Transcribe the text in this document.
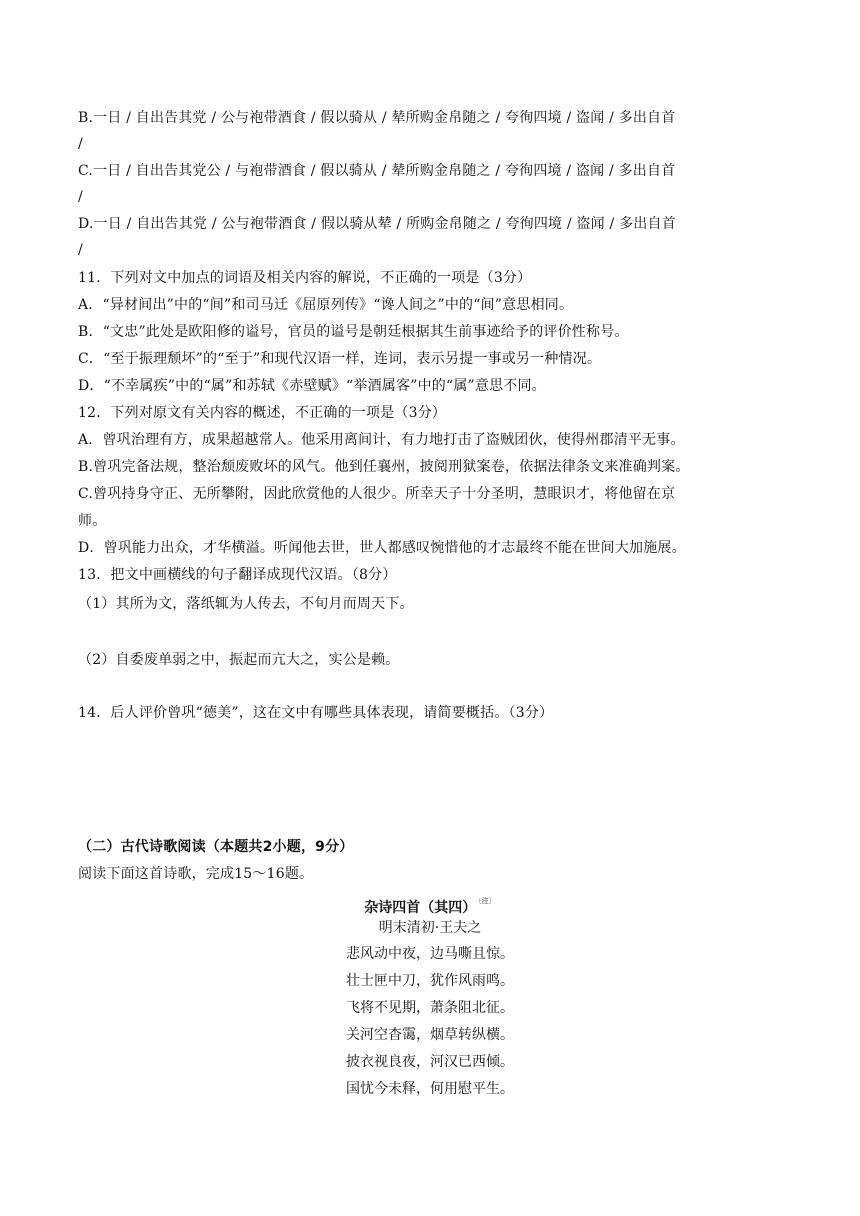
B.一日 / 自出告其党 / 公与袍带酒食 / 假以骑从 / 辇所购金帛随之 / 夸徇四境 / 盗闻 / 多出自首
/
C.一日 / 自出告其党公 / 与袍带酒食 / 假以骑从 / 辇所购金帛随之 / 夸徇四境 / 盗闻 / 多出自首
/
D.一日 / 自出告其党 / 公与袍带酒食 / 假以骑从辇 / 所购金帛随之 / 夸徇四境 / 盗闻 / 多出自首
/
11．下列对文中加点的词语及相关内容的解说，不正确的一项是（3分）
A．“异材间出”中的“间”和司马迁《屈原列传》“谗人间之”中的“间”意思相同。
B．“文忠”此处是欧阳修的谥号，官员的谥号是朝廷根据其生前事迹给予的评价性称号。
C．“至于振理颓坏”的“至于”和现代汉语一样，连词，表示另提一事或另一种情况。
D．“不幸属疾”中的“属”和苏轼《赤壁赋》“举酒属客”中的“属”意思不同。
12．下列对原文有关内容的概述，不正确的一项是（3分）
A．曾巩治理有方，成果超越常人。他采用离间计，有力地打击了盗贼团伙，使得州郡清平无事。
B.曾巩完备法规，整治颓废败坏的风气。他到任襄州，披阅刑狱案卷，依据法律条文来准确判案。
C.曾巩持身守正、无所攀附，因此欣赏他的人很少。所幸天子十分圣明，慧眼识才，将他留在京
师。
D．曾巩能力出众，才华横溢。听闻他去世，世人都感叹惋惜他的才志最终不能在世间大加施展。
13．把文中画横线的句子翻译成现代汉语。（8分）
（1）其所为文，落纸辄为人传去，不旬月而周天下。
（2）自委废单弱之中，振起而亢大之，实公是赖。
14．后人评价曾巩“德美”，这在文中有哪些具体表现，请简要概括。（3分）
（二）古代诗歌阅读（本题共2小题，9分）
阅读下面这首诗歌，完成15～16题。
杂诗四首（其四） $^{〔注〕}$
明末清初·王夫之
悲风动中夜，边马嘶且惊。
壮士匣中刀，犹作风雨鸣。
飞将不见期，萧条阻北征。
关河空杳霭，烟草转纵横。
披衣视良夜，河汉已西倾。
国忧今未释，何用慰平生。
